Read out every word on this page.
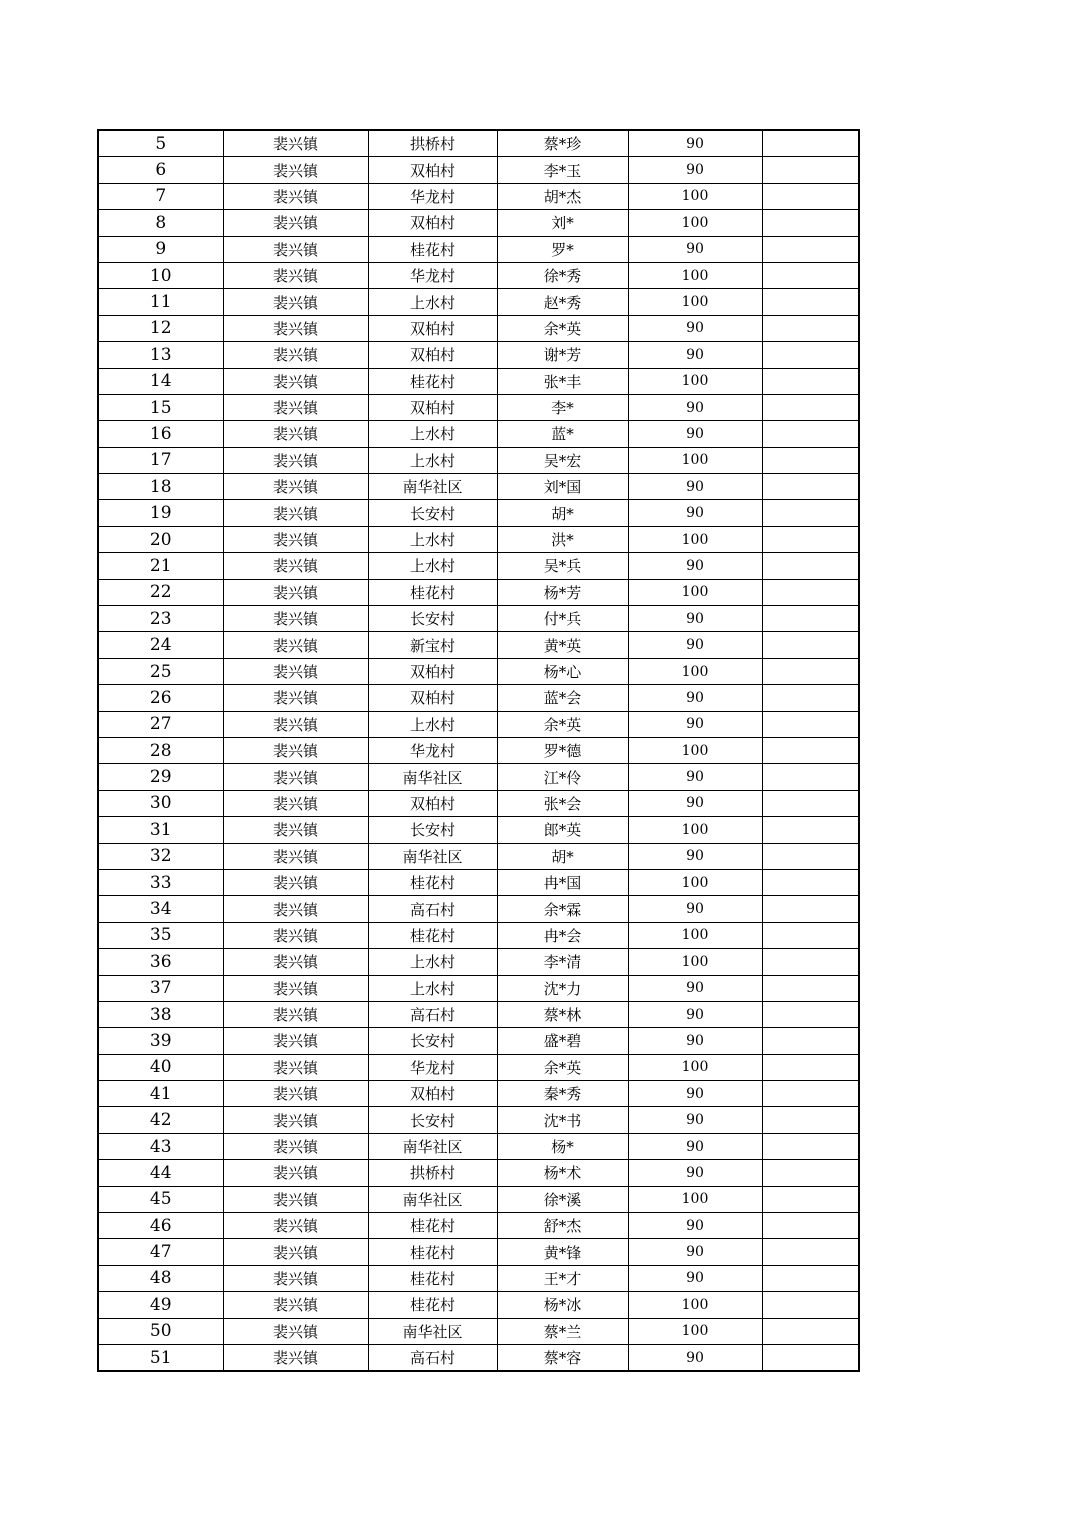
5	裴兴镇	拱桥村	蔡*珍	90	
6	裴兴镇	双柏村	李*玉	90	
7	裴兴镇	华龙村	胡*杰	100	
8	裴兴镇	双柏村	刘*	100	
9	裴兴镇	桂花村	罗*	90	
10	裴兴镇	华龙村	徐*秀	100	
11	裴兴镇	上水村	赵*秀	100	
12	裴兴镇	双柏村	余*英	90	
13	裴兴镇	双柏村	谢*芳	90	
14	裴兴镇	桂花村	张*丰	100	
15	裴兴镇	双柏村	李*	90	
16	裴兴镇	上水村	蓝*	90	
17	裴兴镇	上水村	吴*宏	100	
18	裴兴镇	南华社区	刘*国	90	
19	裴兴镇	长安村	胡*	90	
20	裴兴镇	上水村	洪*	100	
21	裴兴镇	上水村	吴*兵	90	
22	裴兴镇	桂花村	杨*芳	100	
23	裴兴镇	长安村	付*兵	90	
24	裴兴镇	新宝村	黄*英	90	
25	裴兴镇	双柏村	杨*心	100	
26	裴兴镇	双柏村	蓝*会	90	
27	裴兴镇	上水村	余*英	90	
28	裴兴镇	华龙村	罗*德	100	
29	裴兴镇	南华社区	江*伶	90	
30	裴兴镇	双柏村	张*会	90	
31	裴兴镇	长安村	郎*英	100	
32	裴兴镇	南华社区	胡*	90	
33	裴兴镇	桂花村	冉*国	100	
34	裴兴镇	高石村	余*霖	90	
35	裴兴镇	桂花村	冉*会	100	
36	裴兴镇	上水村	李*清	100	
37	裴兴镇	上水村	沈*力	90	
38	裴兴镇	高石村	蔡*林	90	
39	裴兴镇	长安村	盛*碧	90	
40	裴兴镇	华龙村	余*英	100	
41	裴兴镇	双柏村	秦*秀	90	
42	裴兴镇	长安村	沈*书	90	
43	裴兴镇	南华社区	杨*	90	
44	裴兴镇	拱桥村	杨*术	90	
45	裴兴镇	南华社区	徐*溪	100	
46	裴兴镇	桂花村	舒*杰	90	
47	裴兴镇	桂花村	黄*锋	90	
48	裴兴镇	桂花村	王*才	90	
49	裴兴镇	桂花村	杨*冰	100	
50	裴兴镇	南华社区	蔡*兰	100	
51	裴兴镇	高石村	蔡*容	90	
